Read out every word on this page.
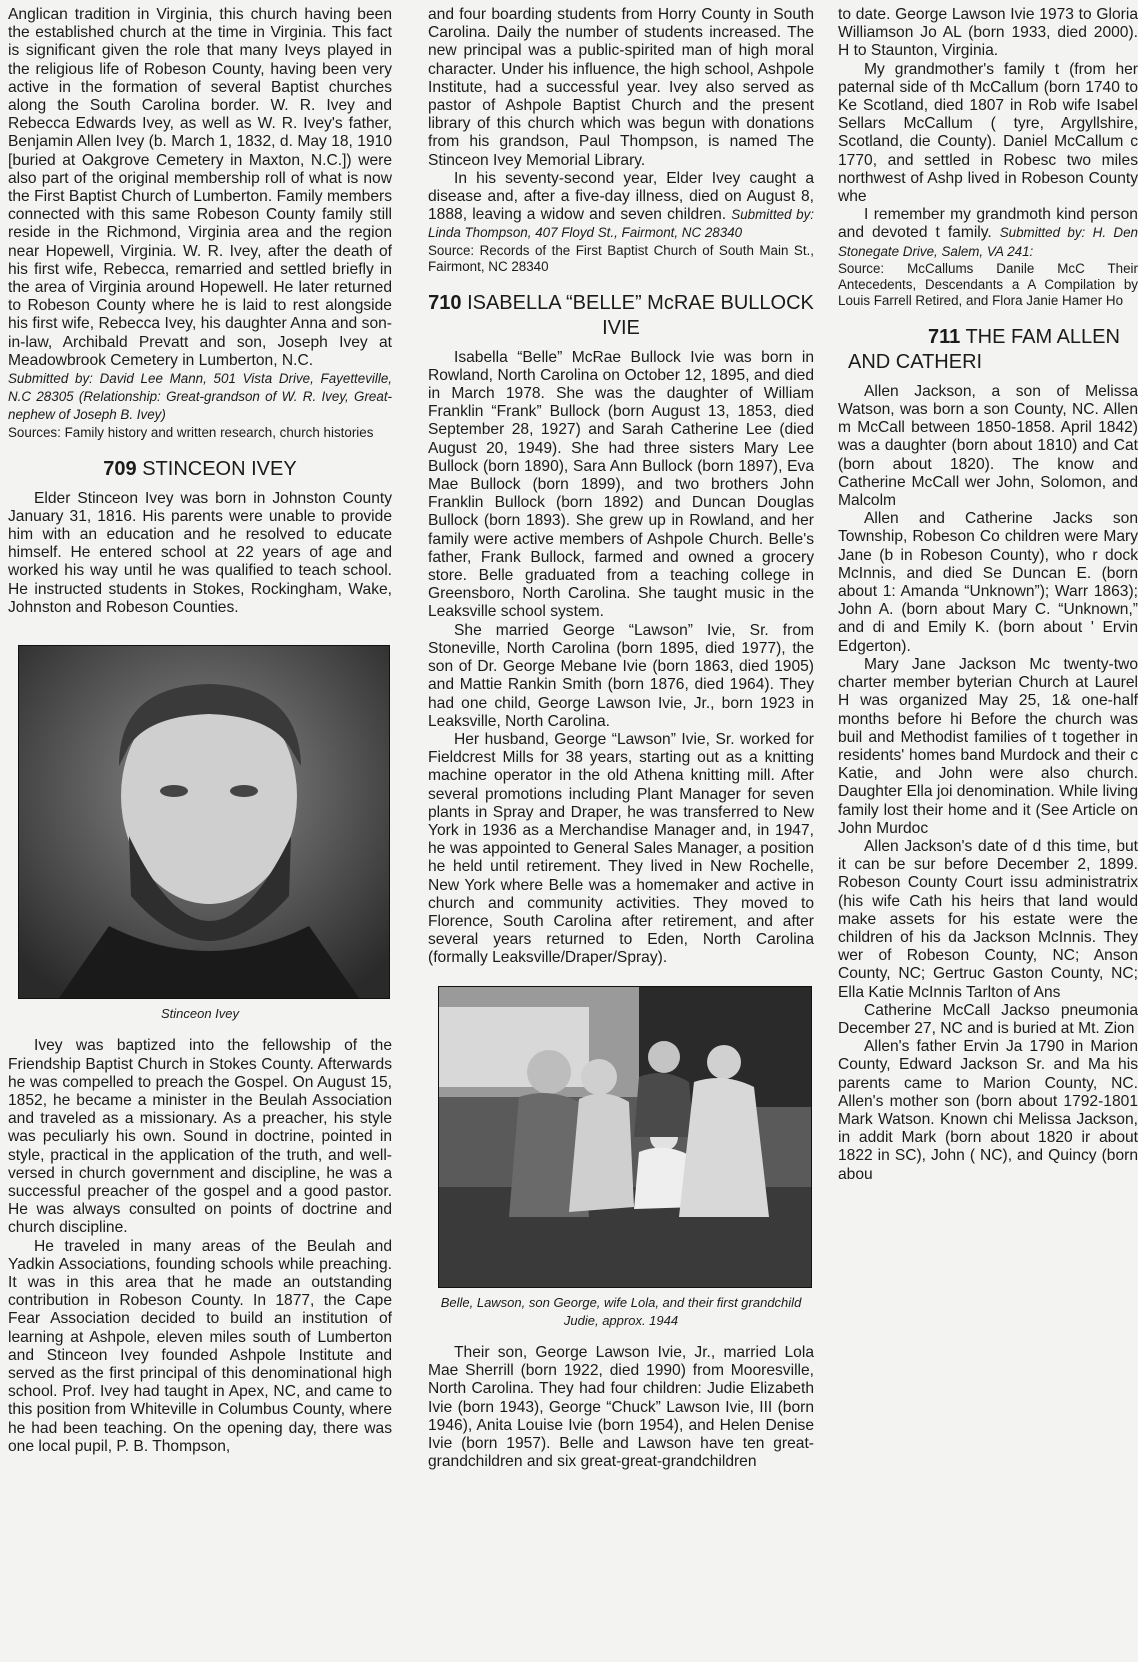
Anglican tradition in Virginia, this church having been the established church at the time in Virginia. This fact is significant given the role that many Iveys played in the religious life of Robeson County, having been very active in the formation of several Baptist churches along the South Carolina border. W. R. Ivey and Rebecca Edwards Ivey, as well as W. R. Ivey's father, Benjamin Allen Ivey (b. March 1, 1832, d. May 18, 1910 [buried at Oakgrove Cemetery in Maxton, N.C.]) were also part of the original membership roll of what is now the First Baptist Church of Lumberton. Family members connected with this same Robeson County family still reside in the Richmond, Virginia area and the region near Hopewell, Virginia. W. R. Ivey, after the death of his first wife, Rebecca, remarried and settled briefly in the area of Virginia around Hopewell. He later returned to Robeson County where he is laid to rest alongside his first wife, Rebecca Ivey, his daughter Anna and son-in-law, Archibald Prevatt and son, Joseph Ivey at Meadowbrook Cemetery in Lumberton, N.C.

Submitted by: David Lee Mann, 501 Vista Drive, Fayetteville, N.C 28305 (Relationship: Great-grandson of W. R. Ivey, Great-nephew of Joseph B. Ivey)

Sources: Family history and written research, church histories

709 STINCEON IVEY

Elder Stinceon Ivey was born in Johnston County January 31, 1816. His parents were unable to provide him with an education and he resolved to educate himself. He entered school at 22 years of age and worked his way until he was qualified to teach school. He instructed students in Stokes, Rockingham, Wake, Johnston and Robeson Counties.

Stinceon Ivey

Ivey was baptized into the fellowship of the Friendship Baptist Church in Stokes County. Afterwards he was compelled to preach the Gospel. On August 15, 1852, he became a minister in the Beulah Association and traveled as a missionary. As a preacher, his style was peculiarly his own. Sound in doctrine, pointed in style, practical in the application of the truth, and well-versed in church government and discipline, he was a successful preacher of the gospel and a good pastor. He was always consulted on points of doctrine and church discipline.

He traveled in many areas of the Beulah and Yadkin Associations, founding schools while preaching. It was in this area that he made an outstanding contribution in Robeson County. In 1877, the Cape Fear Association decided to build an institution of learning at Ashpole, eleven miles south of Lumberton and Stinceon Ivey founded Ashpole Institute and served as the first principal of this denominational high school. Prof. Ivey had taught in Apex, NC, and came to this position from Whiteville in Columbus County, where he had been teaching. On the opening day, there was one local pupil, P. B. Thompson,

and four boarding students from Horry County in South Carolina. Daily the number of students increased. The new principal was a public-spirited man of high moral character. Under his influence, the high school, Ashpole Institute, had a successful year. Ivey also served as pastor of Ashpole Baptist Church and the present library of this church which was begun with donations from his grandson, Paul Thompson, is named The Stinceon Ivey Memorial Library.

In his seventy-second year, Elder Ivey caught a disease and, after a five-day illness, died on August 8, 1888, leaving a widow and seven children. Submitted by: Linda Thompson, 407 Floyd St., Fairmont, NC 28340

Source: Records of the First Baptist Church of South Main St., Fairmont, NC 28340

710 ISABELLA “BELLE” McRAE BULLOCK IVIE

Isabella “Belle” McRae Bullock Ivie was born in Rowland, North Carolina on October 12, 1895, and died in March 1978. She was the daughter of William Franklin “Frank” Bullock (born August 13, 1853, died September 28, 1927) and Sarah Catherine Lee (died August 20, 1949). She had three sisters Mary Lee Bullock (born 1890), Sara Ann Bullock (born 1897), Eva Mae Bullock (born 1899), and two brothers John Franklin Bullock (born 1892) and Duncan Douglas Bullock (born 1893). She grew up in Rowland, and her family were active members of Ashpole Church. Belle's father, Frank Bullock, farmed and owned a grocery store. Belle graduated from a teaching college in Greensboro, North Carolina. She taught music in the Leaksville school system.

She married George “Lawson” Ivie, Sr. from Stoneville, North Carolina (born 1895, died 1977), the son of Dr. George Mebane Ivie (born 1863, died 1905) and Mattie Rankin Smith (born 1876, died 1964). They had one child, George Lawson Ivie, Jr., born 1923 in Leaksville, North Carolina.

Her husband, George “Lawson” Ivie, Sr. worked for Fieldcrest Mills for 38 years, starting out as a knitting machine operator in the old Athena knitting mill. After several promotions including Plant Manager for seven plants in Spray and Draper, he was transferred to New York in 1936 as a Merchandise Manager and, in 1947, he was appointed to General Sales Manager, a position he held until retirement. They lived in New Rochelle, New York where Belle was a homemaker and active in church and community activities. They moved to Florence, South Carolina after retirement, and after several years returned to Eden, North Carolina (formally Leaksville/Draper/Spray).

Belle, Lawson, son George, wife Lola, and their first grandchild Judie, approx. 1944

Their son, George Lawson Ivie, Jr., married Lola Mae Sherrill (born 1922, died 1990) from Mooresville, North Carolina. They had four children: Judie Elizabeth Ivie (born 1943), George “Chuck” Lawson Ivie, III (born 1946), Anita Louise Ivie (born 1954), and Helen Denise Ivie (born 1957). Belle and Lawson have ten great-grandchildren and six great-great-grandchildren

to date. George Lawson Ivie 1973 to Gloria Williamson Jo AL (born 1933, died 2000). H to Staunton, Virginia.

My grandmother's family t (from her paternal side of th McCallum (born 1740 to Ke Scotland, died 1807 in Rob wife Isabel Sellars McCallum ( tyre, Argyllshire, Scotland, die County). Daniel McCallum c 1770, and settled in Robesc two miles northwest of Ashp lived in Robeson County whe

I remember my grandmoth kind person and devoted t family. Submitted by: H. Den Stonegate Drive, Salem, VA 241:

Source: McCallums Danile McC Their Antecedents, Descendants a A Compilation by Louis Farrell Retired, and Flora Janie Hamer Ho

711 THE FAM ALLEN AND CATHERI

Allen Jackson, a son of Melissa Watson, was born a son County, NC. Allen m McCall between 1850-1858. April 1842) was a daughter (born about 1810) and Cat (born about 1820). The know and Catherine McCall wer John, Solomon, and Malcolm

Allen and Catherine Jacks son Township, Robeson Co children were Mary Jane (b in Robeson County), who r dock McInnis, and died Se Duncan E. (born about 1: Amanda “Unknown”); Warr 1863); John A. (born about Mary C. “Unknown,” and di and Emily K. (born about ' Ervin Edgerton).

Mary Jane Jackson Mc twenty-two charter member byterian Church at Laurel H was organized May 25, 1& one-half months before hi Before the church was buil and Methodist families of t together in residents' homes band Murdock and their c Katie, and John were also church. Daughter Ella joi denomination. While living family lost their home and it (See Article on John Murdoc

Allen Jackson's date of d this time, but it can be sur before December 2, 1899. Robeson County Court issu administratrix (his wife Cath his heirs that land would make assets for his estate were the children of his da Jackson McInnis. They wer of Robeson County, NC; Anson County, NC; Gertruc Gaston County, NC; Ella Katie McInnis Tarlton of Ans

Catherine McCall Jackso pneumonia December 27, NC and is buried at Mt. Zion

Allen's father Ervin Ja 1790 in Marion County, Edward Jackson Sr. and Ma his parents came to Marion County, NC. Allen's mother son (born about 1792-1801 Mark Watson. Known chi Melissa Jackson, in addit Mark (born about 1820 ir about 1822 in SC), John ( NC), and Quincy (born abou
